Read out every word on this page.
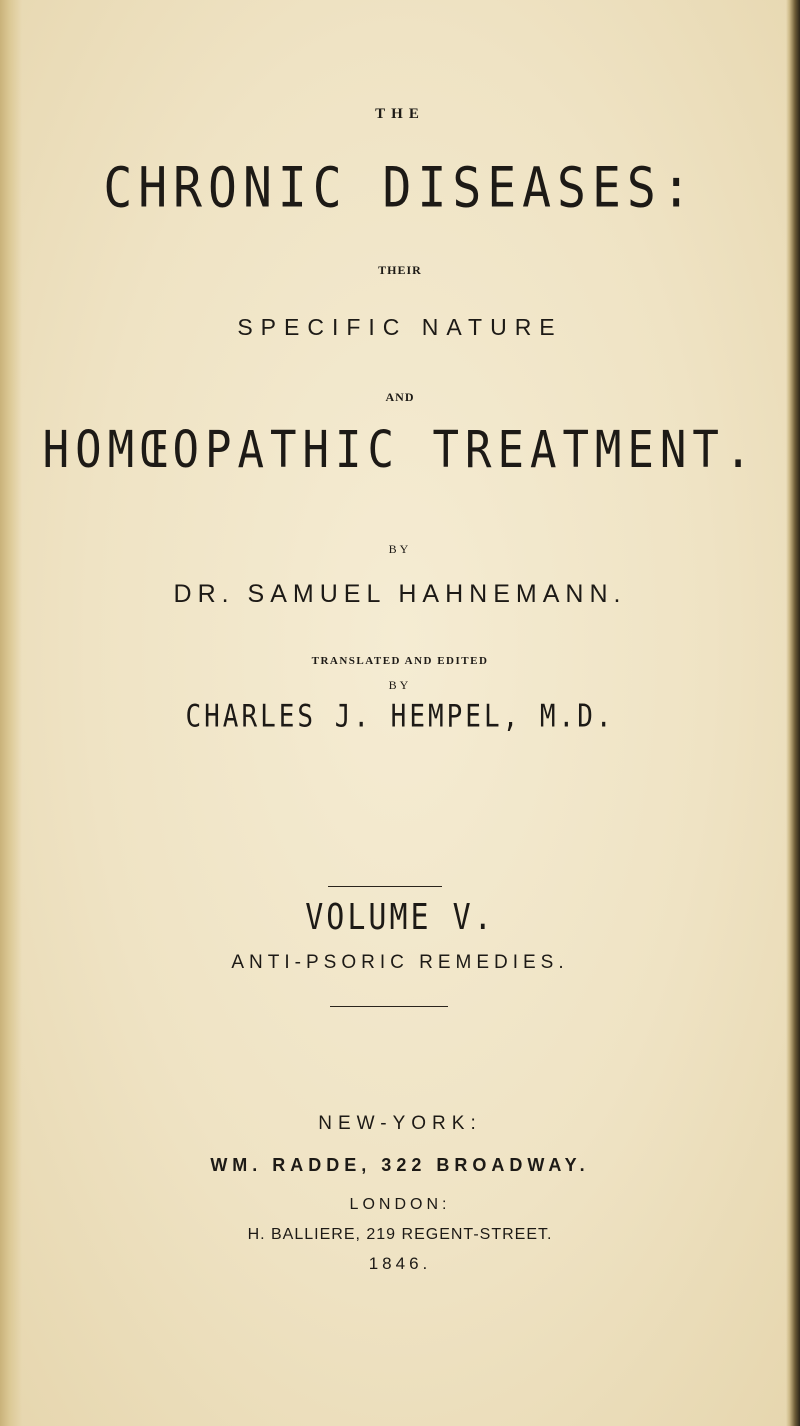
THE
CHRONIC DISEASES:
THEIR
SPECIFIC NATURE
AND
HOMŒOPATHIC TREATMENT.
BY
DR. SAMUEL HAHNEMANN.
TRANSLATED AND EDITED
BY
CHARLES J. HEMPEL, M.D.
VOLUME V.
ANTI-PSORIC REMEDIES.
NEW-YORK:
WM. RADDE, 322 BROADWAY.
LONDON:
H. BALLIERE, 219 REGENT-STREET.
1846.
